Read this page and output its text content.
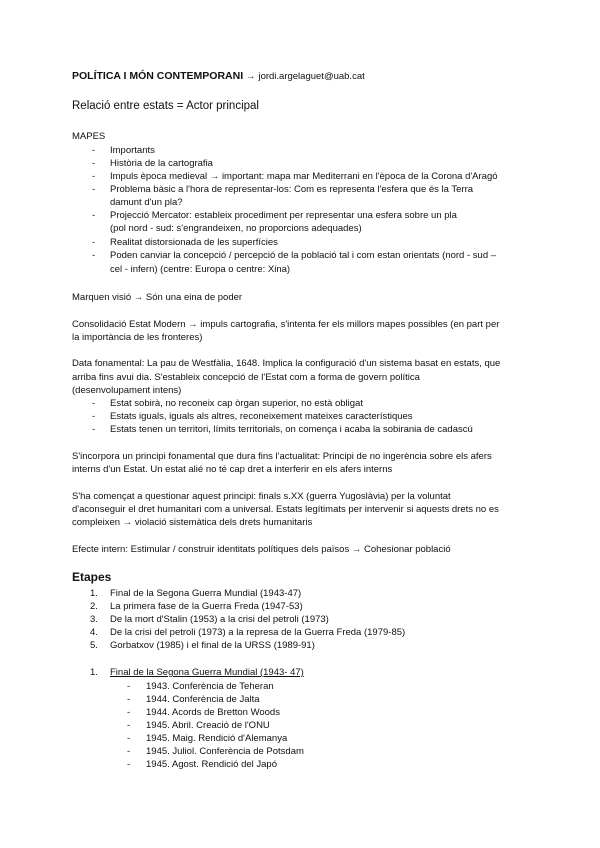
POLÍTICA I MÓN CONTEMPORANI → jordi.argelaguet@uab.cat
Relació entre estats = Actor principal
MAPES
- Importants
- Història de la cartografia
- Impuls època medieval → important: mapa mar Mediterrani en l'època de la Corona d'Aragó
- Problema bàsic a l'hora de representar-los: Com es representa l'esfera que és la Terra
damunt d'un pla?
- Projecció Mercator: estableix procediment per representar una esfera sobre un pla
(pol nord - sud: s'engrandeixen, no proporcions adequades)
- Realitat distorsionada de les superfícies
- Poden canviar la concepció / percepció de la població tal i com estan orientats (nord - sud –
cel - infern) (centre: Europa o centre: Xina)
Marquen visió → Són una eina de poder
Consolidació Estat Modern → impuls cartografia, s'intenta fer els millors mapes possibles (en part per
la importància de les fronteres)
Data fonamental: La pau de Westfàlia, 1648. Implica la configuració d'un sistema basat en estats, que
arriba fins avui dia. S'estableix concepció de l'Estat com a forma de govern política
(desenvolupament intens)
- Estat sobirà, no reconeix cap òrgan superior, no està obligat
- Estats iguals, iguals als altres, reconeixement mateixes característiques
- Estats tenen un territori, límits territorials, on comença i acaba la sobirania de cadascú
S'incorpora un principi fonamental que dura fins l'actualitat: Principi de no ingerència sobre els afers
interns d'un Estat. Un estat alié no té cap dret a interferir en els afers interns
S'ha començat a questionar aquest principi: finals s.XX (guerra Yugoslàvia) per la voluntat
d'aconseguir el dret humanitari com a universal. Estats legítimats per intervenir si aquests drets no es
compleixen → violació sistemàtica dels drets humanitaris
Efecte intern: Estimular / construir identitats polítiques dels països → Cohesionar població
Etapes
1. Final de la Segona Guerra Mundial (1943-47)
2. La primera fase de la Guerra Freda (1947-53)
3. De la mort d'Stalin (1953) a la crisi del petroli (1973)
4. De la crisi del petroli (1973) a la represa de la Guerra Freda (1979-85)
5. Gorbatxov (1985) i el final de la URSS (1989-91)
1. Final de la Segona Guerra Mundial (1943- 47)
- 1943. Conferència de Teheran
- 1944. Conferència de Jalta
- 1944. Acords de Bretton Woods
- 1945. Abril. Creació de l'ONU
- 1945. Maig. Rendició d'Alemanya
- 1945. Juliol. Conferència de Potsdam
- 1945. Agost. Rendició del Japó
